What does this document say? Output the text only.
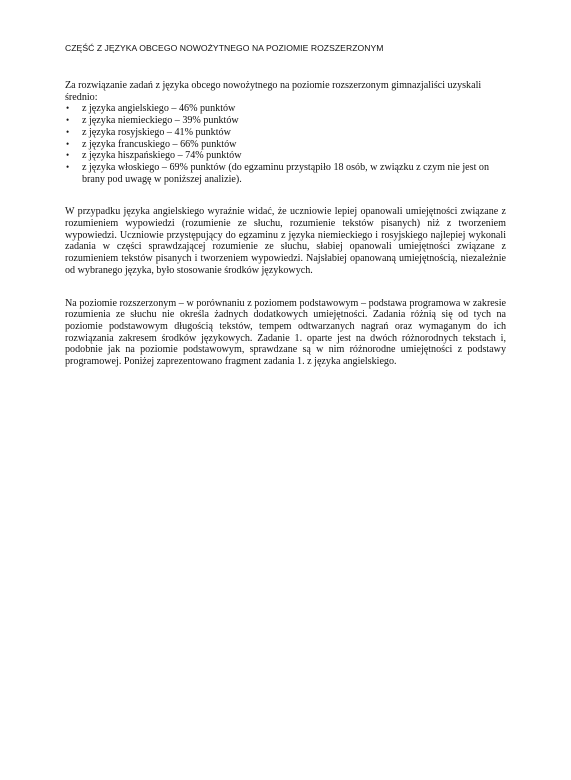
CZĘŚĆ Z JĘZYKA OBCEGO NOWOŻYTNEGO NA POZIOMIE ROZSZERZONYM

Za rozwiązanie zadań z języka obcego nowożytnego na poziomie rozszerzonym gimnazjaliści uzyskali średnio:

• z języka angielskiego – 46% punktów
• z języka niemieckiego – 39% punktów
• z języka rosyjskiego – 41% punktów
• z języka francuskiego – 66% punktów
• z języka hiszpańskiego – 74% punktów
• z języka włoskiego – 69% punktów (do egzaminu przystąpiło 18 osób, w związku z czym nie jest on brany pod uwagę w poniższej analizie).

W przypadku języka angielskiego wyraźnie widać, że uczniowie lepiej opanowali umiejętności związane z rozumieniem wypowiedzi (rozumienie ze słuchu, rozumienie tekstów pisanych) niż z tworzeniem wypowiedzi. Uczniowie przystępujący do egzaminu z języka niemieckiego i rosyjskiego najlepiej wykonali zadania w części sprawdzającej rozumienie ze słuchu, słabiej opanowali umiejętności związane z rozumieniem tekstów pisanych i tworzeniem wypowiedzi. Najsłabiej opanowaną umiejętnością, niezależnie od wybranego języka, było stosowanie środków językowych.

Na poziomie rozszerzonym – w porównaniu z poziomem podstawowym – podstawa programowa w zakresie rozumienia ze słuchu nie określa żadnych dodatkowych umiejętności. Zadania różnią się od tych na poziomie podstawowym długością tekstów, tempem odtwarzanych nagrań oraz wymaganym do ich rozwiązania zakresem środków językowych. Zadanie 1. oparte jest na dwóch różnorodnych tekstach i, podobnie jak na poziomie podstawowym, sprawdzane są w nim różnorodne umiejętności z podstawy programowej. Poniżej zaprezentowano fragment zadania 1. z języka angielskiego.
